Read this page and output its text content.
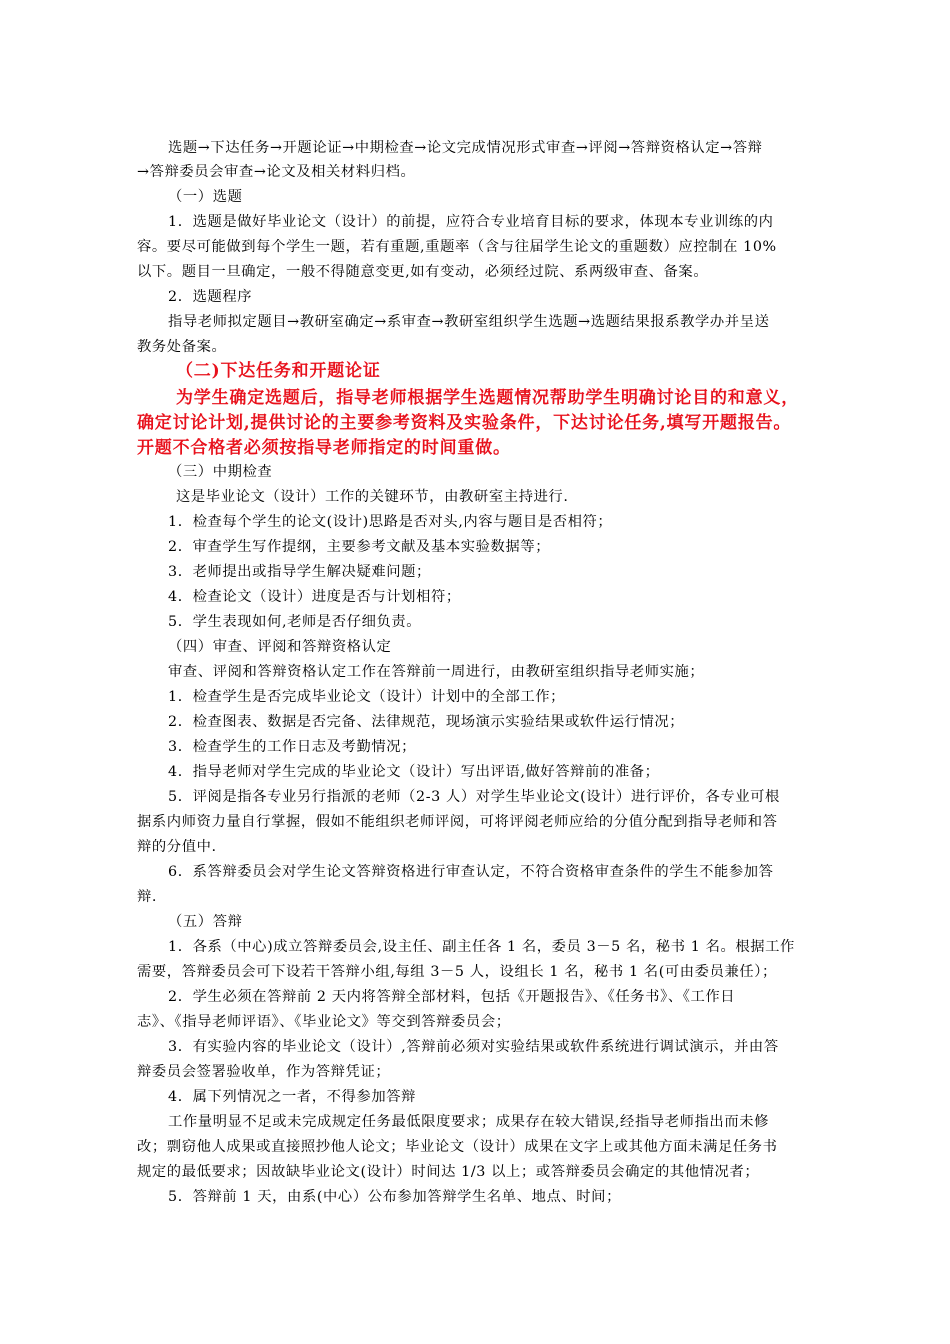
选题→下达任务→开题论证→中期检查→论文完成情况形式审查→评阅→答辩资格认定→答辩
→答辩委员会审查→论文及相关材料归档。
（一）选题
1．选题是做好毕业论文（设计）的前提，应符合专业培育目标的要求，体现本专业训练的内
容。要尽可能做到每个学生一题，若有重题,重题率（含与往届学生论文的重题数）应控制在 10%
以下。题目一旦确定，一般不得随意变更,如有变动，必须经过院、系两级审查、备案。
2．选题程序
指导老师拟定题目→教研室确定→系审查→教研室组织学生选题→选题结果报系教学办并呈送
教务处备案。
（二)下达任务和开题论证
为学生确定选题后，指导老师根据学生选题情况帮助学生明确讨论目的和意义，
确定讨论计划,提供讨论的主要参考资料及实验条件，下达讨论任务,填写开题报告。
开题不合格者必须按指导老师指定的时间重做。
（三）中期检查
这是毕业论文（设计）工作的关键环节，由教研室主持进行.
1．检查每个学生的论文(设计)思路是否对头,内容与题目是否相符；
2．审查学生写作提纲，主要参考文献及基本实验数据等；
3．老师提出或指导学生解决疑难问题；
4．检查论文（设计）进度是否与计划相符；
5．学生表现如何,老师是否仔细负责。
（四）审查、评阅和答辩资格认定
审查、评阅和答辩资格认定工作在答辩前一周进行，由教研室组织指导老师实施；
1．检查学生是否完成毕业论文（设计）计划中的全部工作；
2．检查图表、数据是否完备、法律规范，现场演示实验结果或软件运行情况；
3．检查学生的工作日志及考勤情况；
4．指导老师对学生完成的毕业论文（设计）写出评语,做好答辩前的准备；
5．评阅是指各专业另行指派的老师（2-3 人）对学生毕业论文(设计）进行评价，各专业可根
据系内师资力量自行掌握，假如不能组织老师评阅，可将评阅老师应给的分值分配到指导老师和答
辩的分值中.
6．系答辩委员会对学生论文答辩资格进行审查认定，不符合资格审查条件的学生不能参加答
辩.
（五）答辩
1．各系（中心)成立答辩委员会,设主任、副主任各 1 名，委员 3－5 名，秘书 1 名。根据工作
需要，答辩委员会可下设若干答辩小组,每组 3－5 人，设组长 1 名，秘书 1 名(可由委员兼任）；
2．学生必须在答辩前 2 天内将答辩全部材料，包括《开题报告》、《任务书》、《工作日
志》、《指导老师评语》、《毕业论文》等交到答辩委员会；
3．有实验内容的毕业论文（设计）,答辩前必须对实验结果或软件系统进行调试演示，并由答
辩委员会签署验收单，作为答辩凭证；
4．属下列情况之一者，不得参加答辩
工作量明显不足或未完成规定任务最低限度要求；成果存在较大错误,经指导老师指出而未修
改；剽窃他人成果或直接照抄他人论文；毕业论文（设计）成果在文字上或其他方面未满足任务书
规定的最低要求；因故缺毕业论文(设计）时间达 1/3 以上；或答辩委员会确定的其他情况者；
5．答辩前 1 天，由系(中心）公布参加答辩学生名单、地点、时间；
